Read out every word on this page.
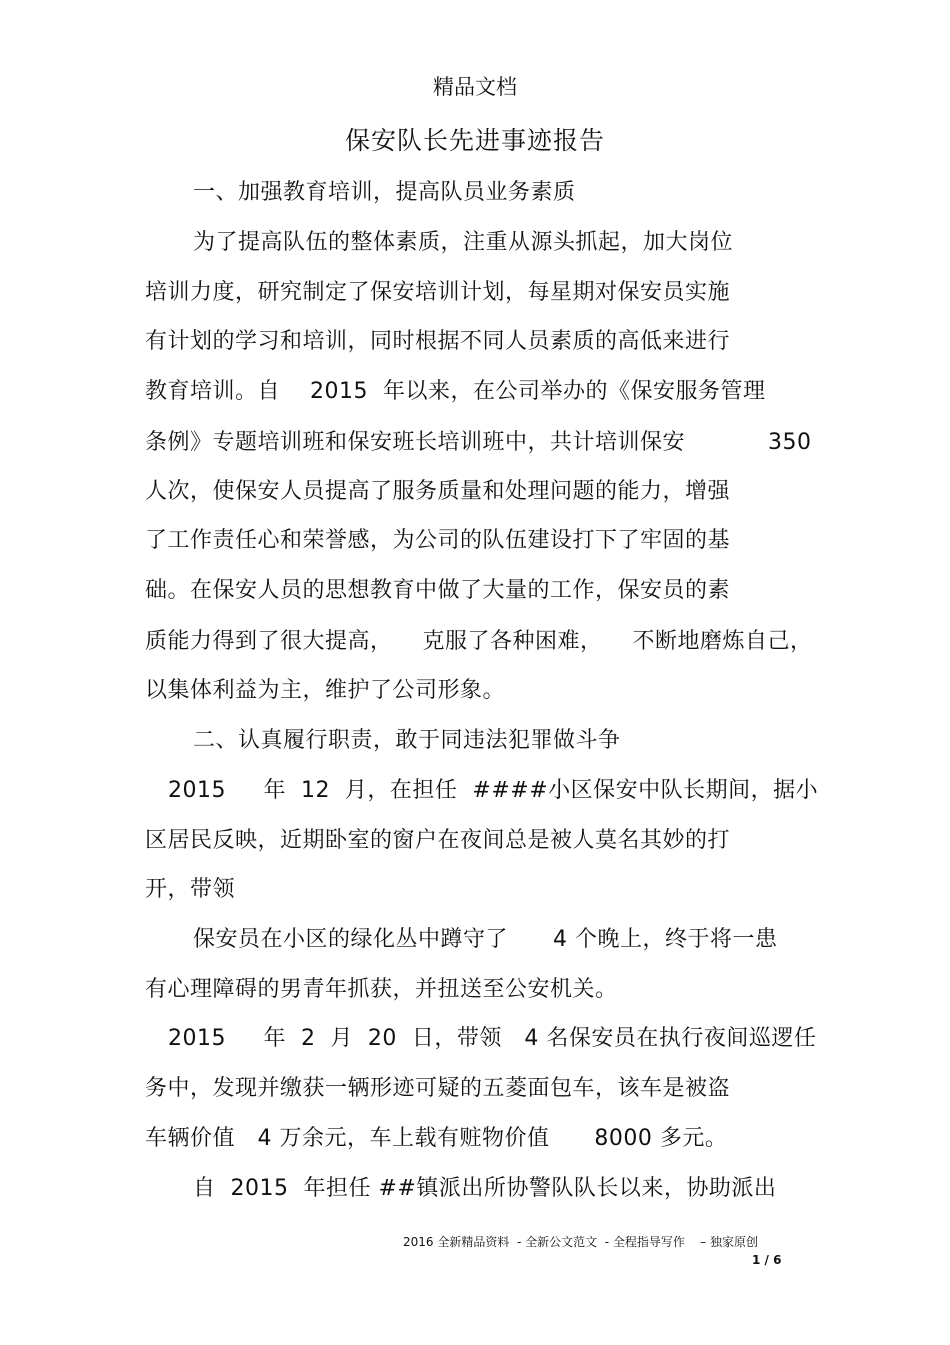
精品文档
保安队长先进事迹报告
一、加强教育培训，提高队员业务素质
为了提高队伍的整体素质，注重从源头抓起，加大岗位
培训力度，研究制定了保安培训计划，每星期对保安员实施
有计划的学习和培训，同时根据不同人员素质的高低来进行
教育培训。自    2015  年以来，在公司举办的《保安服务管理
条例》专题培训班和保安班长培训班中，共计培训保安	350
人次，使保安人员提高了服务质量和处理问题的能力，增强
了工作责任心和荣誉感，为公司的队伍建设打下了牢固的基
础。在保安人员的思想教育中做了大量的工作，保安员的素
质能力得到了很大提高，    克服了各种困难，    不断地磨炼自己，
以集体利益为主，维护了公司形象。
二、认真履行职责，敢于同违法犯罪做斗争
2015     年  12  月，在担任  ####小区保安中队长期间，据小
区居民反映，近期卧室的窗户在夜间总是被人莫名其妙的打
开，带领
保安员在小区的绿化丛中蹲守了      4 个晚上，终于将一患
有心理障碍的男青年抓获，并扭送至公安机关。
2015     年  2  月  20  日，带领   4 名保安员在执行夜间巡逻任
务中，发现并缴获一辆形迹可疑的五菱面包车，该车是被盗
车辆价值   4 万余元，车上载有赃物价值      8000 多元。
自  2015  年担任 ##镇派出所协警队队长以来，协助派出
2016 全新精品资料  - 全新公文范文  - 全程指导写作    – 独家原创
1 / 6
